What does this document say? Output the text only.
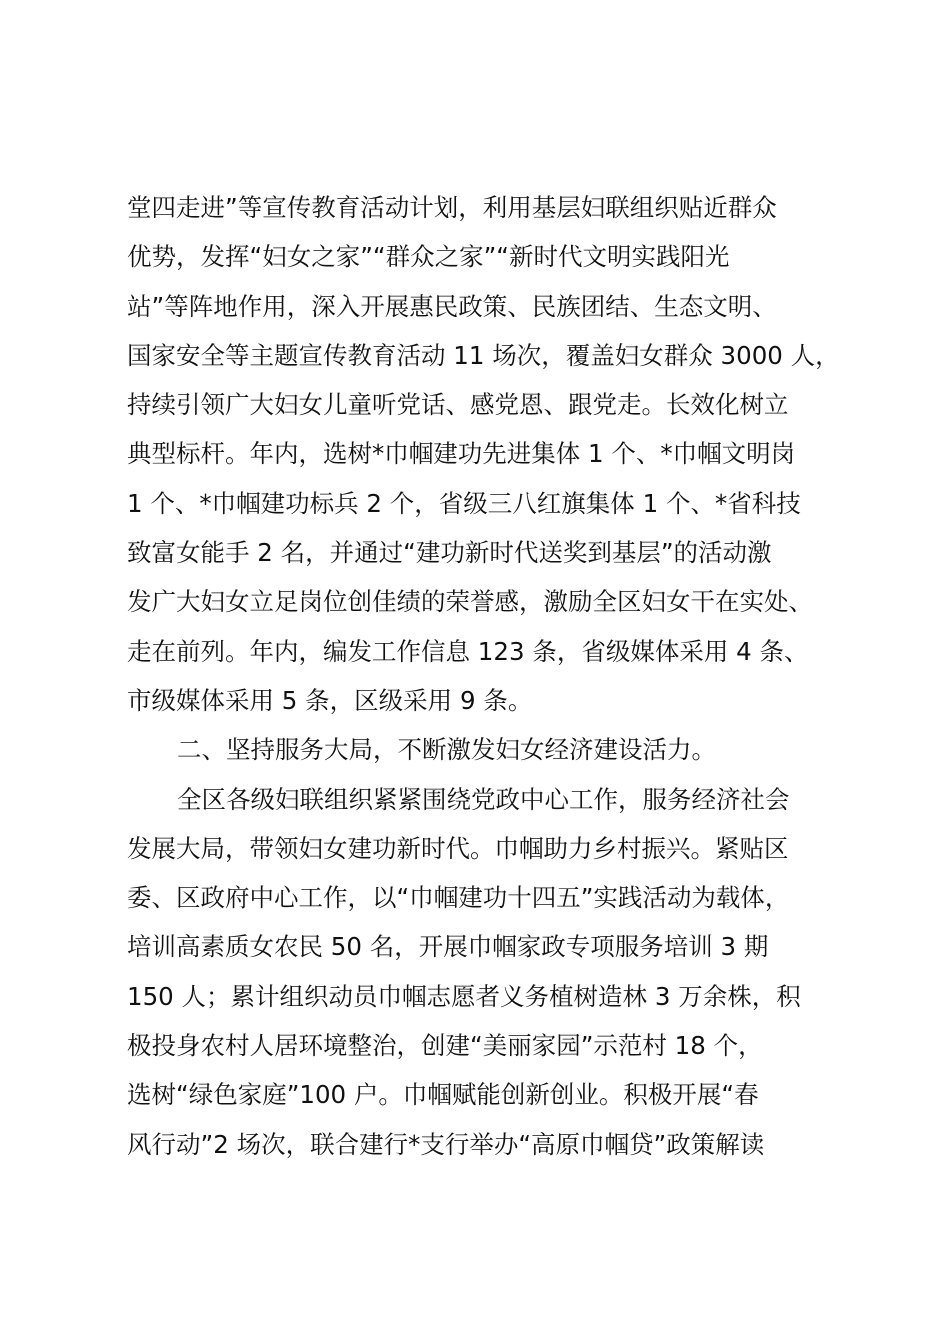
堂四走进”等宣传教育活动计划，利用基层妇联组织贴近群众
优势，发挥“妇女之家”“群众之家”“新时代文明实践阳光
站”等阵地作用，深入开展惠民政策、民族团结、生态文明、
国家安全等主题宣传教育活动 11 场次，覆盖妇女群众 3000 人，
持续引领广大妇女儿童听党话、感党恩、跟党走。长效化树立
典型标杆。年内，选树*巾帼建功先进集体 1 个、*巾帼文明岗
1 个、*巾帼建功标兵 2 个，省级三八红旗集体 1 个、*省科技
致富女能手 2 名，并通过“建功新时代送奖到基层”的活动激
发广大妇女立足岗位创佳绩的荣誉感，激励全区妇女干在实处、
走在前列。年内，编发工作信息 123 条，省级媒体采用 4 条、
市级媒体采用 5 条，区级采用 9 条。
二、坚持服务大局，不断激发妇女经济建设活力。
全区各级妇联组织紧紧围绕党政中心工作，服务经济社会
发展大局，带领妇女建功新时代。巾帼助力乡村振兴。紧贴区
委、区政府中心工作，以“巾帼建功十四五”实践活动为载体，
培训高素质女农民 50 名，开展巾帼家政专项服务培训 3 期
150 人；累计组织动员巾帼志愿者义务植树造林 3 万余株，积
极投身农村人居环境整治，创建“美丽家园”示范村 18 个，
选树“绿色家庭”100 户。巾帼赋能创新创业。积极开展“春
风行动”2 场次，联合建行*支行举办“高原巾帼贷”政策解读
